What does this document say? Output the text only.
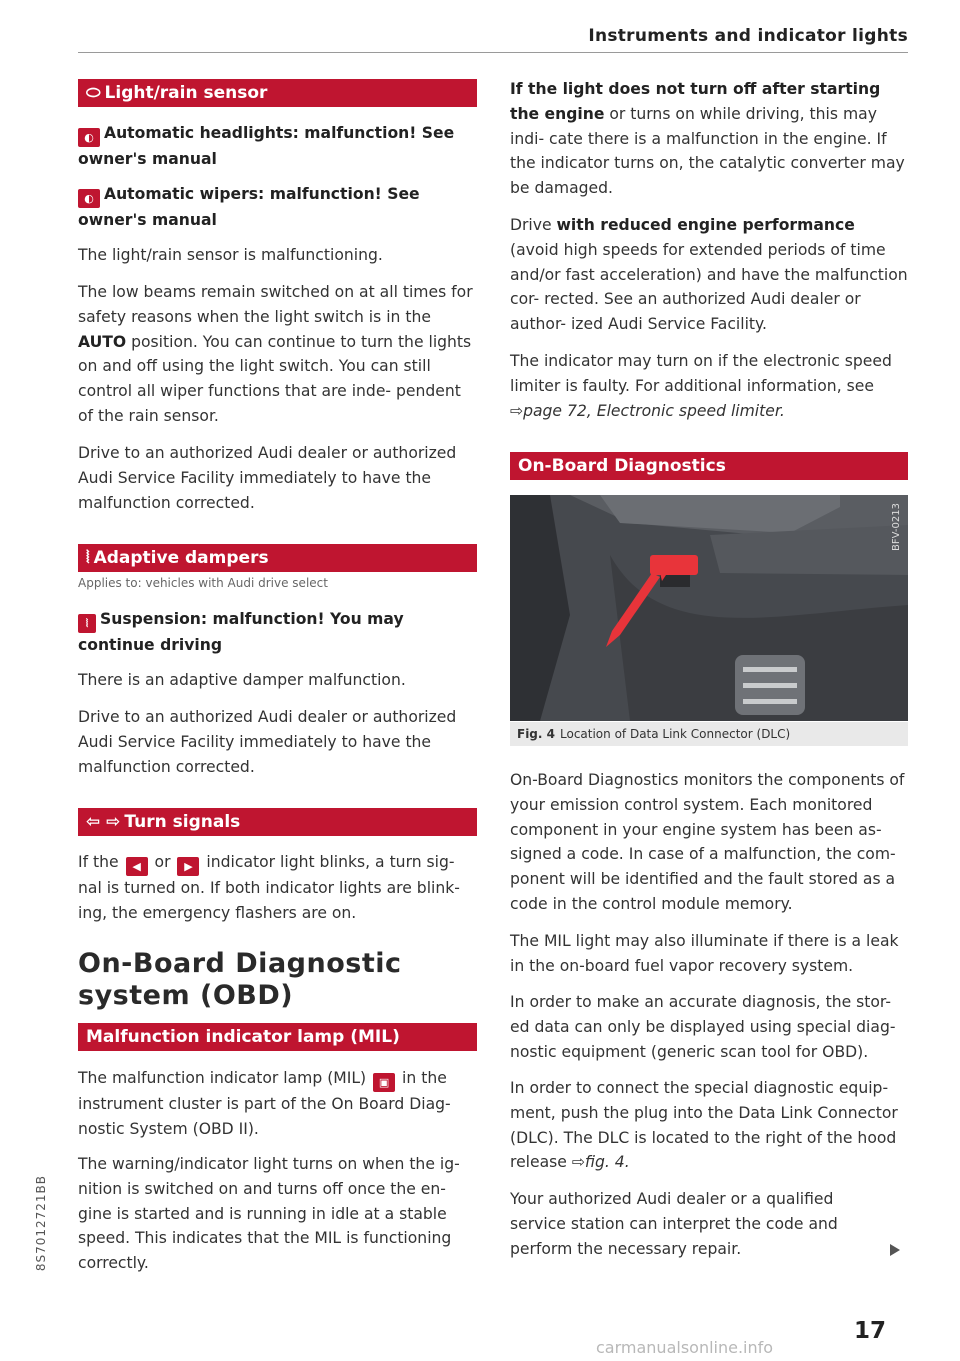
Instruments and indicator lights
⬭ Light/rain sensor
◐ Automatic headlights: malfunction! See owner's manual
◐ Automatic wipers: malfunction! See owner's manual
The light/rain sensor is malfunctioning.
The low beams remain switched on at all times for safety reasons when the light switch is in the AUTO position. You can continue to turn the lights on and off using the light switch. You can still control all wiper functions that are inde- pendent of the rain sensor.
Drive to an authorized Audi dealer or authorized Audi Service Facility immediately to have the malfunction corrected.
⦚ Adaptive dampers
Applies to: vehicles with Audi drive select
⦚ Suspension: malfunction! You may continue driving
There is an adaptive damper malfunction.
Drive to an authorized Audi dealer or authorized Audi Service Facility immediately to have the malfunction corrected.
⇦ ⇨ Turn signals
If the ◀ or ▶ indicator light blinks, a turn sig- nal is turned on. If both indicator lights are blink- ing, the emergency flashers are on.
On-Board Diagnostic
system (OBD)
Malfunction indicator lamp (MIL)
The malfunction indicator lamp (MIL) ▣ in the instrument cluster is part of the On Board Diag- nostic System (OBD II).
The warning/indicator light turns on when the ig- nition is switched on and turns off once the en- gine is started and is running in idle at a stable speed. This indicates that the MIL is functioning correctly.
If the light does not turn off after starting the engine or turns on while driving, this may indi- cate there is a malfunction in the engine. If the indicator turns on, the catalytic converter may be damaged.
Drive with reduced engine performance (avoid high speeds for extended periods of time and/or fast acceleration) and have the malfunction cor- rected. See an authorized Audi dealer or author- ized Audi Service Facility.
The indicator may turn on if the electronic speed limiter is faulty. For additional information, see ⇨page 72, Electronic speed limiter.
On-Board Diagnostics
BFV-0213
Fig. 4 Location of Data Link Connector (DLC)
On-Board Diagnostics monitors the components of your emission control system. Each monitored component in your engine system has been as- signed a code. In case of a malfunction, the com- ponent will be identified and the fault stored as a code in the control module memory.
The MIL light may also illuminate if there is a leak in the on-board fuel vapor recovery system.
In order to make an accurate diagnosis, the stor- ed data can only be displayed using special diag- nostic equipment (generic scan tool for OBD).
In order to connect the special diagnostic equip- ment, push the plug into the Data Link Connector (DLC). The DLC is located to the right of the hood release ⇨fig. 4.
Your authorized Audi dealer or a qualified service station can interpret the code and perform the necessary repair.
8S7012721BB
17
carmanualsonline.info
